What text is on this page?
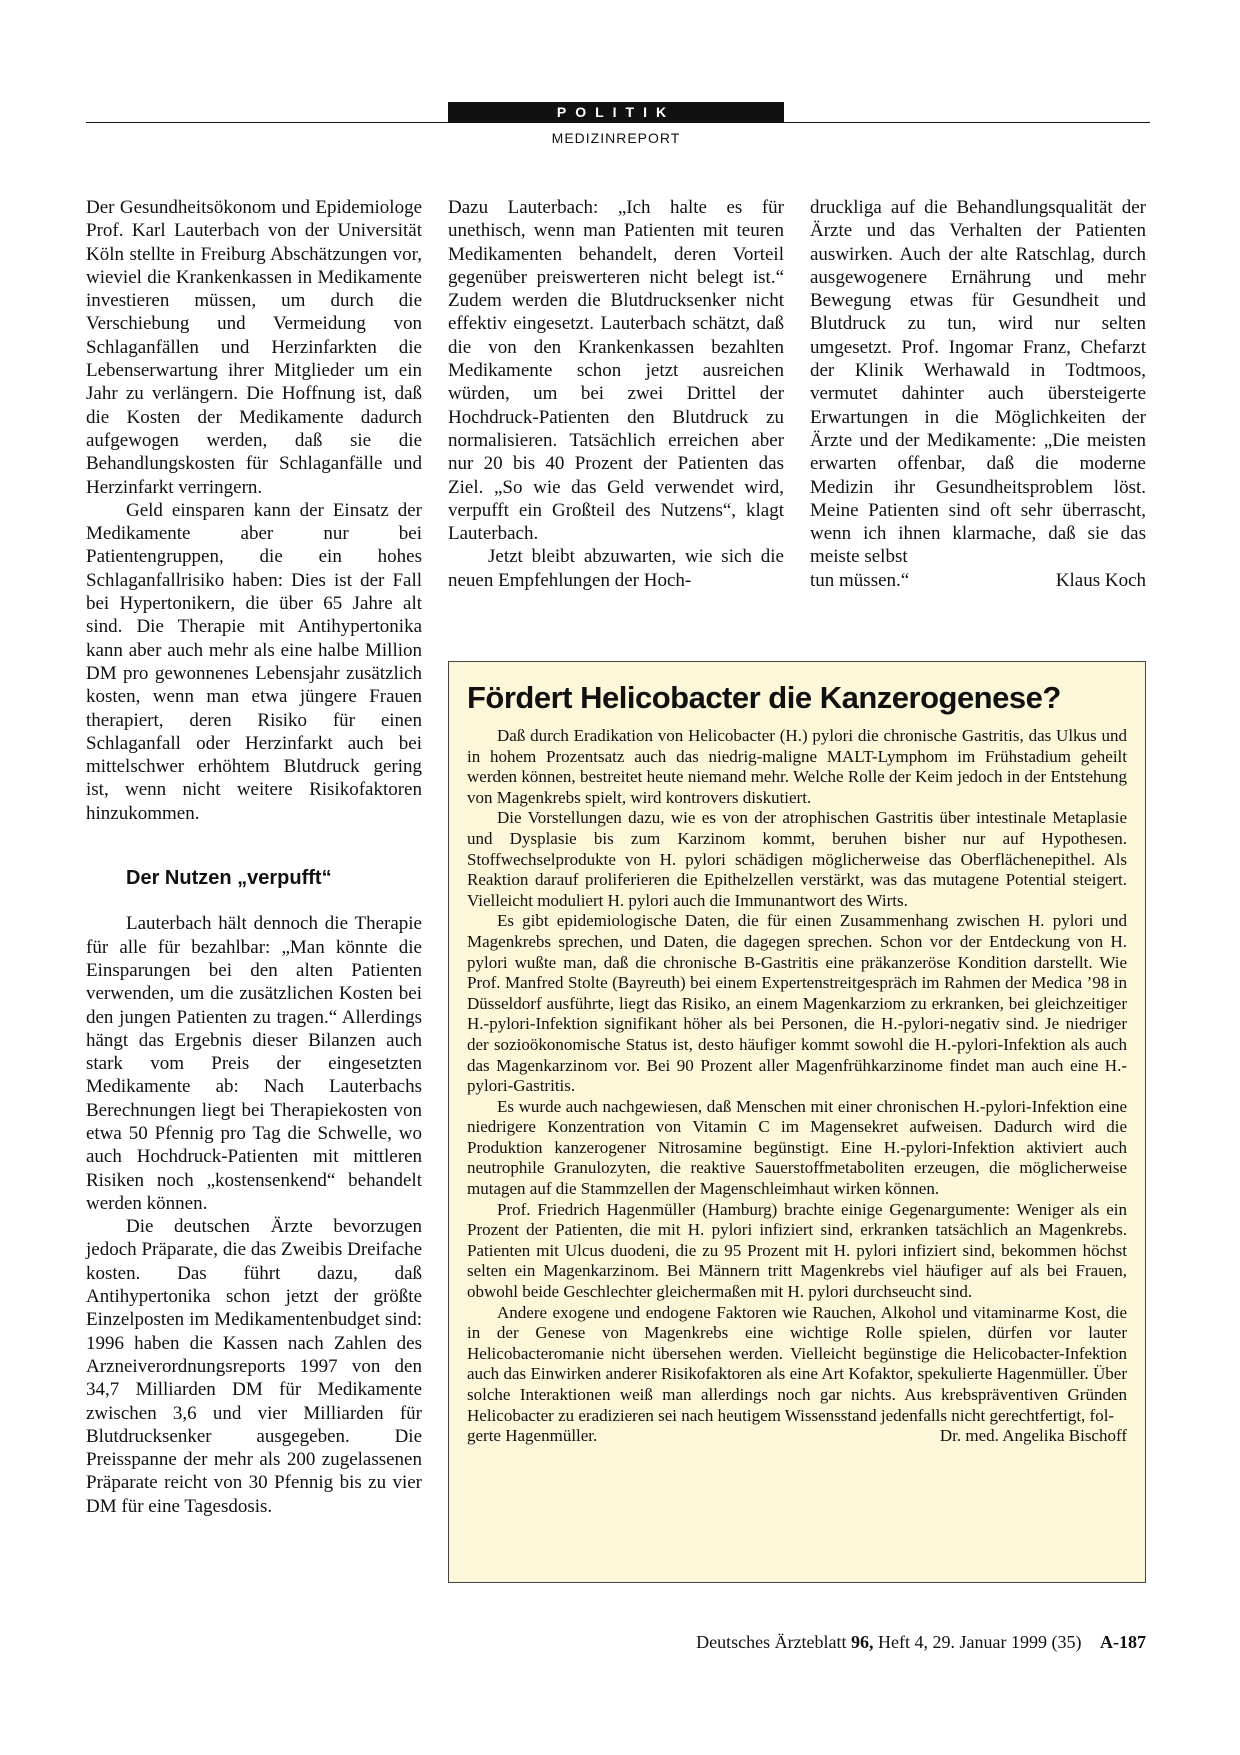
POLITIK
MEDIZINREPORT

Der Gesundheitsökonom und Epidemiologe Prof. Karl Lauterbach von der Universität Köln stellte in Freiburg Abschätzungen vor, wieviel die Krankenkassen in Medikamente investieren müssen, um durch die Verschiebung und Vermeidung von Schlaganfällen und Herzinfarkten die Lebenserwartung ihrer Mitglieder um ein Jahr zu verlängern. Die Hoffnung ist, daß die Kosten der Medikamente dadurch aufgewogen werden, daß sie die Behandlungskosten für Schlaganfälle und Herzinfarkt verringern.

Geld einsparen kann der Einsatz der Medikamente aber nur bei Patientengruppen, die ein hohes Schlaganfallrisiko haben: Dies ist der Fall bei Hypertonikern, die über 65 Jahre alt sind. Die Therapie mit Antihypertonika kann aber auch mehr als eine halbe Million DM pro gewonnenes Lebensjahr zusätzlich kosten, wenn man etwa jüngere Frauen therapiert, deren Risiko für einen Schlaganfall oder Herzinfarkt auch bei mittelschwer erhöhtem Blutdruck gering ist, wenn nicht weitere Risikofaktoren hinzukommen.

Der Nutzen „verpufft“

Lauterbach hält dennoch die Therapie für alle für bezahlbar: „Man könnte die Einsparungen bei den alten Patienten verwenden, um die zusätzlichen Kosten bei den jungen Patienten zu tragen.“ Allerdings hängt das Ergebnis dieser Bilanzen auch stark vom Preis der eingesetzten Medikamente ab: Nach Lauterbachs Berechnungen liegt bei Therapiekosten von etwa 50 Pfennig pro Tag die Schwelle, wo auch Hochdruck-Patienten mit mittleren Risiken noch „kostensenkend“ behandelt werden können.

Die deutschen Ärzte bevorzugen jedoch Präparate, die das Zweibis Dreifache kosten. Das führt dazu, daß Antihypertonika schon jetzt der größte Einzelposten im Medikamentenbudget sind: 1996 haben die Kassen nach Zahlen des Arzneiverordnungsreports 1997 von den 34,7 Milliarden DM für Medikamente zwischen 3,6 und vier Milliarden für Blutdrucksenker ausgegeben. Die Preisspanne der mehr als 200 zugelassenen Präparate reicht von 30 Pfennig bis zu vier DM für eine Tagesdosis.

Dazu Lauterbach: „Ich halte es für unethisch, wenn man Patienten mit teuren Medikamenten behandelt, deren Vorteil gegenüber preiswerteren nicht belegt ist.“ Zudem werden die Blutdrucksenker nicht effektiv eingesetzt. Lauterbach schätzt, daß die von den Krankenkassen bezahlten Medikamente schon jetzt ausreichen würden, um bei zwei Drittel der Hochdruck-Patienten den Blutdruck zu normalisieren. Tatsächlich erreichen aber nur 20 bis 40 Prozent der Patienten das Ziel. „So wie das Geld verwendet wird, verpufft ein Großteil des Nutzens“, klagt Lauterbach.

Jetzt bleibt abzuwarten, wie sich die neuen Empfehlungen der Hoch-

druckliga auf die Behandlungsqualität der Ärzte und das Verhalten der Patienten auswirken. Auch der alte Ratschlag, durch ausgewogenere Ernährung und mehr Bewegung etwas für Gesundheit und Blutdruck zu tun, wird nur selten umgesetzt. Prof. Ingomar Franz, Chefarzt der Klinik Werhawald in Todtmoos, vermutet dahinter auch übersteigerte Erwartungen in die Möglichkeiten der Ärzte und der Medikamente: „Die meisten erwarten offenbar, daß die moderne Medizin ihr Gesundheitsproblem löst. Meine Patienten sind oft sehr überrascht, wenn ich ihnen klarmache, daß sie das meiste selbst

tun müssen.“	Klaus Koch
Fördert Helicobacter die Kanzerogenese?

Daß durch Eradikation von Helicobacter (H.) pylori die chronische Gastritis, das Ulkus und in hohem Prozentsatz auch das niedrig-maligne MALT-Lymphom im Frühstadium geheilt werden können, bestreitet heute niemand mehr. Welche Rolle der Keim jedoch in der Entstehung von Magenkrebs spielt, wird kontrovers diskutiert.

Die Vorstellungen dazu, wie es von der atrophischen Gastritis über intestinale Metaplasie und Dysplasie bis zum Karzinom kommt, beruhen bisher nur auf Hypothesen. Stoffwechselprodukte von H. pylori schädigen möglicherweise das Oberflächenepithel. Als Reaktion darauf proliferieren die Epithelzellen verstärkt, was das mutagene Potential steigert. Vielleicht moduliert H. pylori auch die Immunantwort des Wirts.

Es gibt epidemiologische Daten, die für einen Zusammenhang zwischen H. pylori und Magenkrebs sprechen, und Daten, die dagegen sprechen. Schon vor der Entdeckung von H. pylori wußte man, daß die chronische B-Gastritis eine präkanzeröse Kondition darstellt. Wie Prof. Manfred Stolte (Bayreuth) bei einem Expertenstreitgespräch im Rahmen der Medica ’98 in Düsseldorf ausführte, liegt das Risiko, an einem Magenkarziom zu erkranken, bei gleichzeitiger H.-pylori-Infektion signifikant höher als bei Personen, die H.-pylori-negativ sind. Je niedriger der sozioökonomische Status ist, desto häufiger kommt sowohl die H.-pylori-Infektion als auch das Magenkarzinom vor. Bei 90 Prozent aller Magenfrühkarzinome findet man auch eine H.-pylori-Gastritis.

Es wurde auch nachgewiesen, daß Menschen mit einer chronischen H.-pylori-Infektion eine niedrigere Konzentration von Vitamin C im Magensekret aufweisen. Dadurch wird die Produktion kanzerogener Nitrosamine begünstigt. Eine H.-pylori-Infektion aktiviert auch neutrophile Granulozyten, die reaktive Sauerstoffmetaboliten erzeugen, die möglicherweise mutagen auf die Stammzellen der Magenschleimhaut wirken können.

Prof. Friedrich Hagenmüller (Hamburg) brachte einige Gegenargumente: Weniger als ein Prozent der Patienten, die mit H. pylori infiziert sind, erkranken tatsächlich an Magenkrebs. Patienten mit Ulcus duodeni, die zu 95 Prozent mit H. pylori infiziert sind, bekommen höchst selten ein Magenkarzinom. Bei Männern tritt Magenkrebs viel häufiger auf als bei Frauen, obwohl beide Geschlechter gleichermaßen mit H. pylori durchseucht sind.

Andere exogene und endogene Faktoren wie Rauchen, Alkohol und vitaminarme Kost, die in der Genese von Magenkrebs eine wichtige Rolle spielen, dürfen vor lauter Helicobacteromanie nicht übersehen werden. Vielleicht begünstige die Helicobacter-Infektion auch das Einwirken anderer Risikofaktoren als eine Art Kofaktor, spekulierte Hagenmüller. Über solche Interaktionen weiß man allerdings noch gar nichts. Aus krebspräventiven Gründen Helicobacter zu eradizieren sei nach heutigem Wissensstand jedenfalls nicht gerechtfertigt, fol-

gerte Hagenmüller.	Dr. med. Angelika Bischoff
Deutsches Ärzteblatt 96, Heft 4, 29. Januar 1999 (35) A-187
